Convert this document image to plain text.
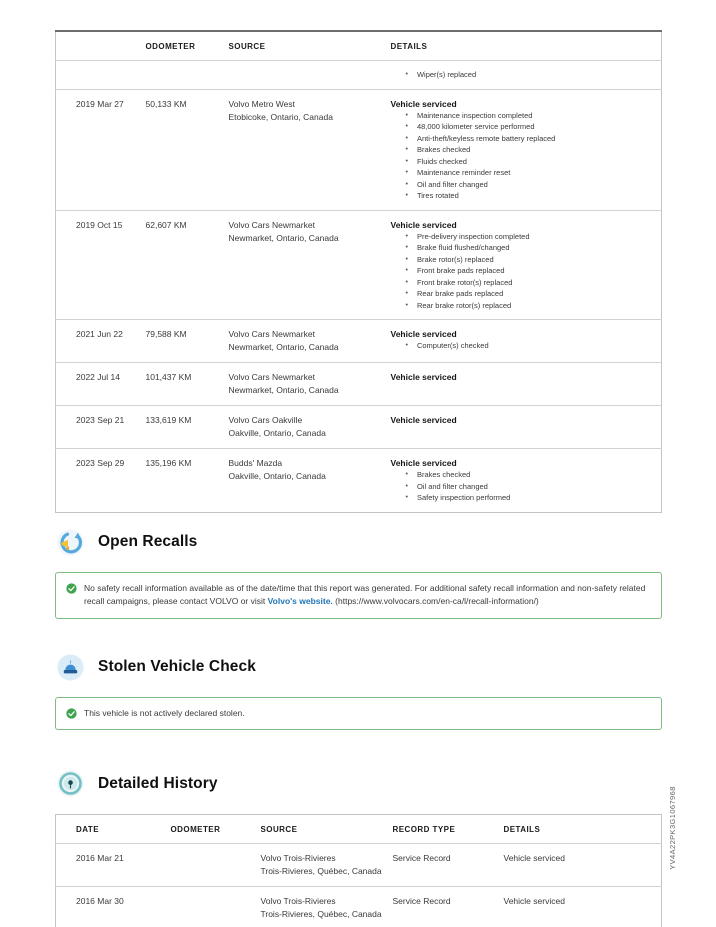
	ODOMETER	SOURCE	DETAILS

			• Wiper(s) replaced

2019 Mar 27	50,133 KM	Volvo Metro West
Etobicoke, Ontario, Canada

Vehicle serviced
• Maintenance inspection completed
• 48,000 kilometer service performed
• Anti-theft/keyless remote battery replaced
• Brakes checked
• Fluids checked
• Maintenance reminder reset
• Oil and filter changed
• Tires rotated

2019 Oct 15	62,607 KM	Volvo Cars Newmarket
Newmarket, Ontario, Canada

Vehicle serviced
• Pre-delivery inspection completed
• Brake fluid flushed/changed
• Brake rotor(s) replaced
• Front brake pads replaced
• Front brake rotor(s) replaced
• Rear brake pads replaced
• Rear brake rotor(s) replaced

2021 Jun 22	79,588 KM	Volvo Cars Newmarket
Newmarket, Ontario, Canada

Vehicle serviced
• Computer(s) checked

2022 Jul 14	101,437 KM	Volvo Cars Newmarket
Newmarket, Ontario, Canada	Vehicle serviced

2023 Sep 21	133,619 KM	Volvo Cars Oakville
Oakville, Ontario, Canada	Vehicle serviced

2023 Sep 29	135,196 KM	Budds' Mazda
Oakville, Ontario, Canada

Vehicle serviced
• Brakes checked
• Oil and filter changed
• Safety inspection performed
Open Recalls
No safety recall information available as of the date/time that this report was generated. For additional safety recall information and non-safety related recall campaigns, please contact VOLVO or visit Volvo's website. (https://www.volvocars.com/en-ca/l/recall-information/)
Stolen Vehicle Check
This vehicle is not actively declared stolen.
Detailed History
DATE	ODOMETER	SOURCE	RECORD TYPE	DETAILS
2016 Mar 21		Volvo Trois-Rivieres
Trois-Rivieres, Québec, Canada	Service Record	Vehicle serviced
2016 Mar 30		Volvo Trois-Rivieres
Trois-Rivieres, Québec, Canada	Service Record	Vehicle serviced

YV4A22PK3G1067968
